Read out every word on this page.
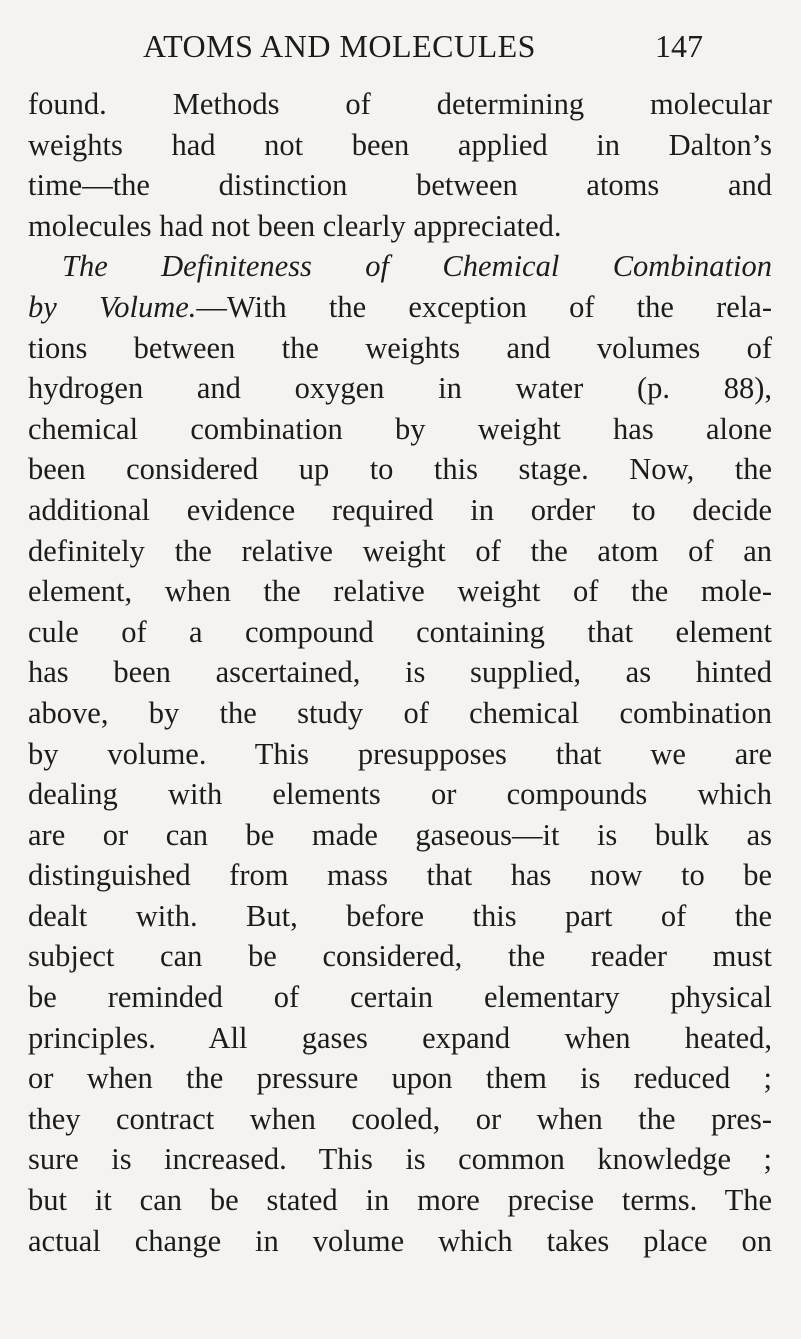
ATOMS AND MOLECULES	147
found. Methods of determining molecular
weights had not been applied in Dalton’s
time—the distinction between atoms and
molecules had not been clearly appreciated.
The Definiteness of Chemical Combination
by Volume.—With the exception of the rela-
tions between the weights and volumes of
hydrogen and oxygen in water (p. 88),
chemical combination by weight has alone
been considered up to this stage. Now, the
additional evidence required in order to decide
definitely the relative weight of the atom of an
element, when the relative weight of the mole-
cule of a compound containing that element
has been ascertained, is supplied, as hinted
above, by the study of chemical combination
by volume. This presupposes that we are
dealing with elements or compounds which
are or can be made gaseous—it is bulk as
distinguished from mass that has now to be
dealt with. But, before this part of the
subject can be considered, the reader must
be reminded of certain elementary physical
principles. All gases expand when heated,
or when the pressure upon them is reduced ;
they contract when cooled, or when the pres-
sure is increased. This is common knowledge ;
but it can be stated in more precise terms. The
actual change in volume which takes place on
